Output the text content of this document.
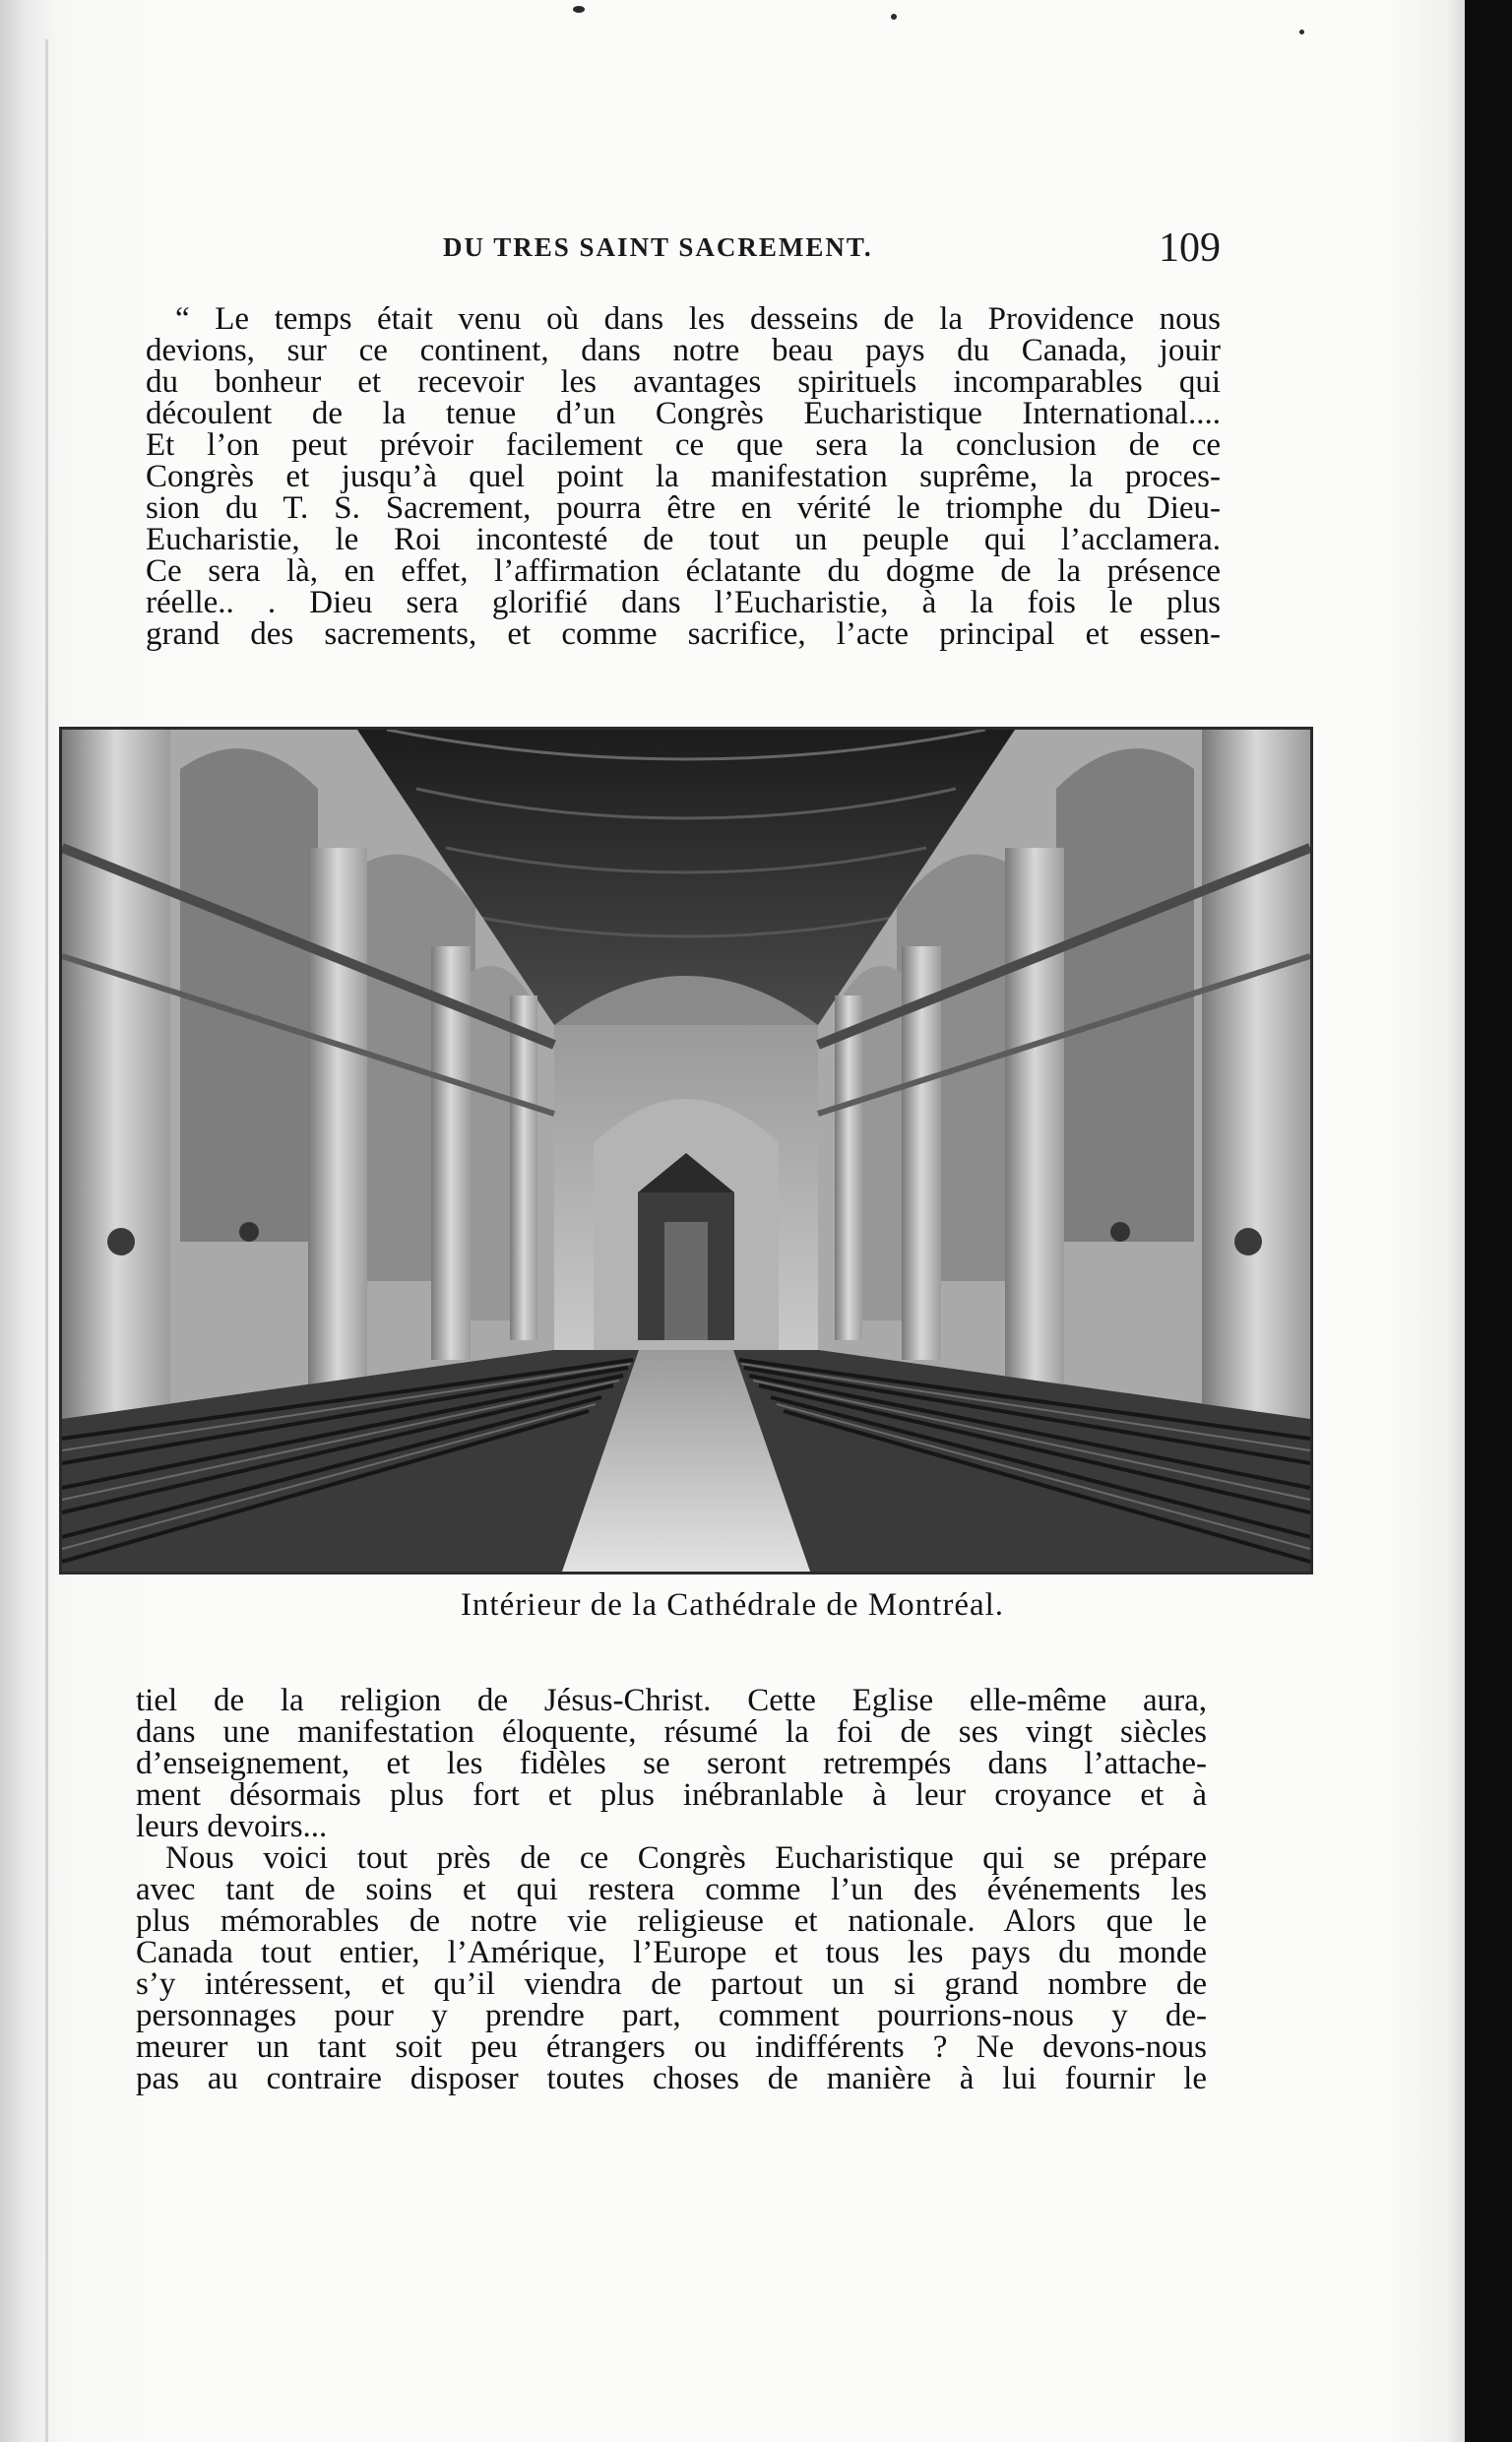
DU TRES SAINT SACREMENT.	109
“ Le temps était venu où dans les desseins de la Providence nous
devions, sur ce continent, dans notre beau pays du Canada, jouir
du bonheur et recevoir les avantages spirituels incomparables qui
découlent de la tenue d’un Congrès Eucharistique International....
Et l’on peut prévoir facilement ce que sera la conclusion de ce
Congrès et jusqu’à quel point la manifestation suprême, la proces-
sion du T. S. Sacrement, pourra être en vérité le triomphe du Dieu-
Eucharistie, le Roi incontesté de tout un peuple qui l’acclamera.
Ce sera là, en effet, l’affirmation éclatante du dogme de la présence
réelle.. . Dieu sera glorifié dans l’Eucharistie, à la fois le plus
grand des sacrements, et comme sacrifice, l’acte principal et essen-
Intérieur de la Cathédrale de Montréal.
tiel de la religion de Jésus-Christ. Cette Eglise elle-même aura,
dans une manifestation éloquente, résumé la foi de ses vingt siècles
d’enseignement, et les fidèles se seront retrempés dans l’attache-
ment désormais plus fort et plus inébranlable à leur croyance et à
leurs devoirs...
Nous voici tout près de ce Congrès Eucharistique qui se prépare
avec tant de soins et qui restera comme l’un des événements les
plus mémorables de notre vie religieuse et nationale. Alors que le
Canada tout entier, l’Amérique, l’Europe et tous les pays du monde
s’y intéressent, et qu’il viendra de partout un si grand nombre de
personnages pour y prendre part, comment pourrions-nous y de-
meurer un tant soit peu étrangers ou indifférents ? Ne devons-nous
pas au contraire disposer toutes choses de manière à lui fournir le
